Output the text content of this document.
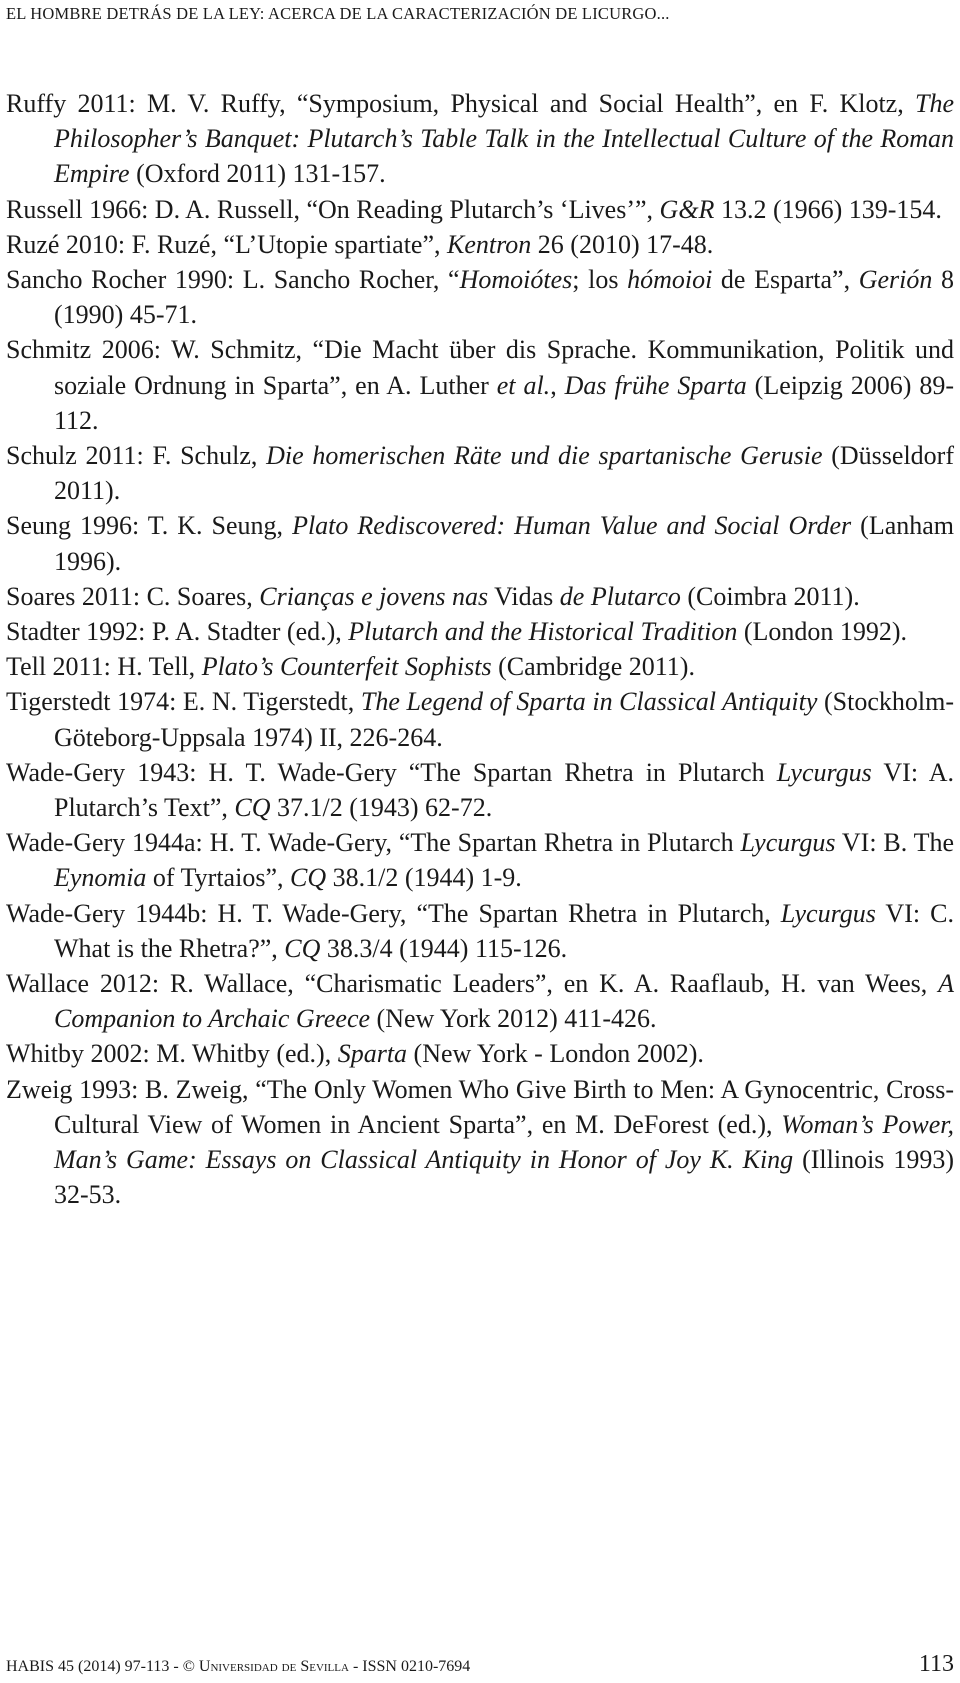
EL HOMBRE DETRÁS DE LA LEY: ACERCA DE LA CARACTERIZACIÓN DE LICURGO...

Ruffy 2011: M. V. Ruffy, “Symposium, Physical and Social Health”, en F. Klotz, The Philosopher’s Banquet: Plutarch’s Table Talk in the Intellectual Culture of the Roman Empire (Oxford 2011) 131-157.

Russell 1966: D. A. Russell, “On Reading Plutarch’s ‘Lives’”, G&R 13.2 (1966) 139-154.

Ruzé 2010: F. Ruzé, “L’Utopie spartiate”, Kentron 26 (2010) 17-48.

Sancho Rocher 1990: L. Sancho Rocher, “Homoiótes; los hómoioi de Esparta”, Gerión 8 (1990) 45-71.

Schmitz 2006: W. Schmitz, “Die Macht über dis Sprache. Kommunikation, Politik und soziale Ordnung in Sparta”, en A. Luther et al., Das frühe Sparta (Leipzig 2006) 89-112.

Schulz 2011: F. Schulz, Die homerischen Räte und die spartanische Gerusie (Düsseldorf 2011).

Seung 1996: T. K. Seung, Plato Rediscovered: Human Value and Social Order (Lanham 1996).

Soares 2011: C. Soares, Crianças e jovens nas Vidas de Plutarco (Coimbra 2011).

Stadter 1992: P. A. Stadter (ed.), Plutarch and the Historical Tradition (London 1992).

Tell 2011: H. Tell, Plato’s Counterfeit Sophists (Cambridge 2011).

Tigerstedt 1974: E. N. Tigerstedt, The Legend of Sparta in Classical Antiquity (Stockholm-Göteborg-Uppsala 1974) II, 226-264.

Wade-Gery 1943: H. T. Wade-Gery “The Spartan Rhetra in Plutarch Lycurgus VI: A. Plutarch’s Text”, CQ 37.1/2 (1943) 62-72.

Wade-Gery 1944a: H. T. Wade-Gery, “The Spartan Rhetra in Plutarch Lycurgus VI: B. The Eynomia of Tyrtaios”, CQ 38.1/2 (1944) 1-9.

Wade-Gery 1944b: H. T. Wade-Gery, “The Spartan Rhetra in Plutarch, Lycurgus VI: C. What is the Rhetra?”, CQ 38.3/4 (1944) 115-126.

Wallace 2012: R. Wallace, “Charismatic Leaders”, en K. A. Raaflaub, H. van Wees, A Companion to Archaic Greece (New York 2012) 411-426.

Whitby 2002: M. Whitby (ed.), Sparta (New York - London 2002).

Zweig 1993: B. Zweig, “The Only Women Who Give Birth to Men: A Gynocentric, Cross-Cultural View of Women in Ancient Sparta”, en M. DeForest (ed.), Woman’s Power, Man’s Game: Essays on Classical Antiquity in Honor of Joy K. King (Illinois 1993) 32-53.

HABIS 45 (2014) 97-113 - © Universidad de Sevilla - ISSN 0210-7694	113
